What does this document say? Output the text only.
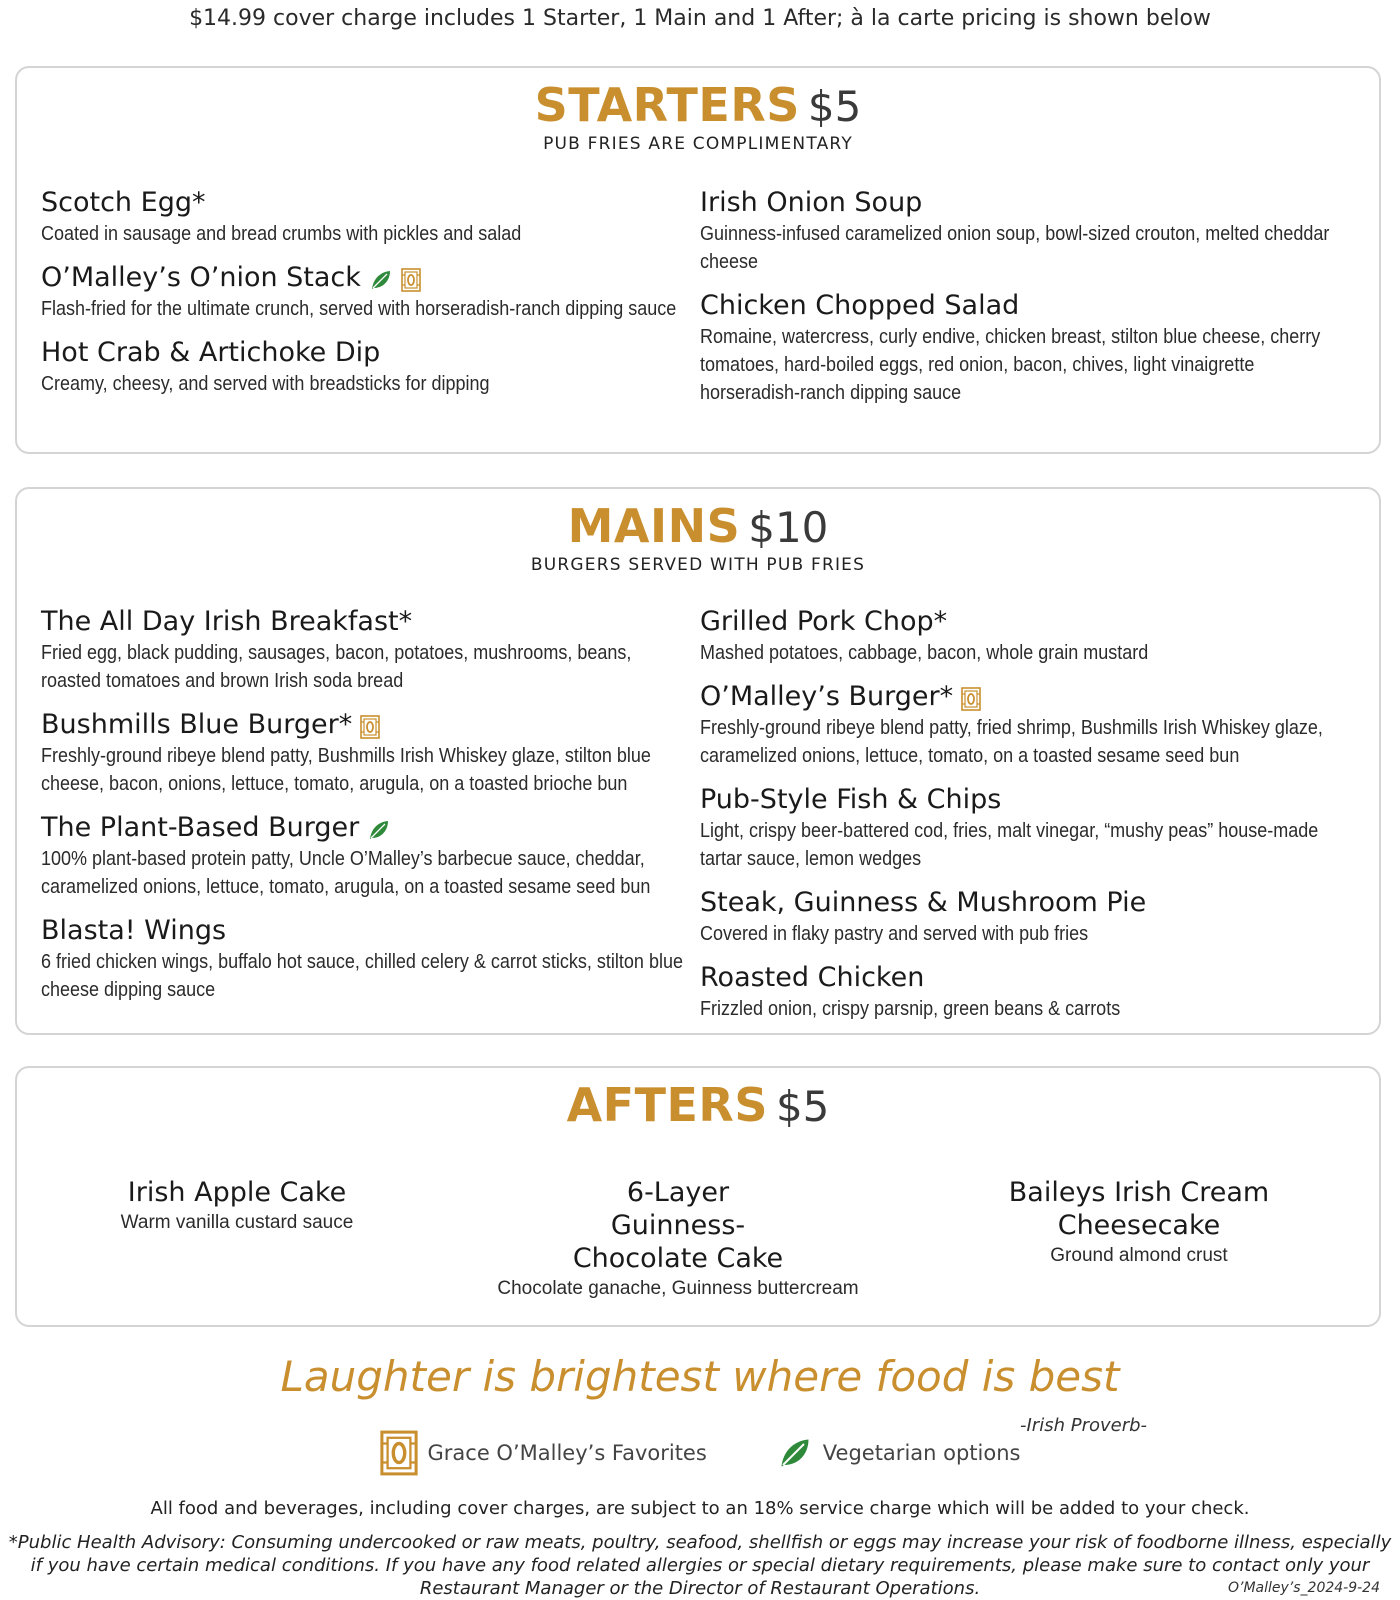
$14.99 cover charge includes 1 Starter, 1 Main and 1 After; à la carte pricing is shown below
STARTERS $5
PUB FRIES ARE COMPLIMENTARY
Scotch Egg*
Coated in sausage and bread crumbs with pickles and salad
O’Malley’s O’nion Stack
Flash-fried for the ultimate crunch, served with horseradish-ranch dipping sauce
Hot Crab & Artichoke Dip
Creamy, cheesy, and served with breadsticks for dipping
Irish Onion Soup
Guinness-infused caramelized onion soup, bowl-sized crouton, melted cheddar cheese
Chicken Chopped Salad
Romaine, watercress, curly endive, chicken breast, stilton blue cheese, cherry tomatoes, hard-boiled eggs, red onion, bacon, chives, light vinaigrette horseradish-ranch dipping sauce
MAINS $10
BURGERS SERVED WITH PUB FRIES
The All Day Irish Breakfast*
Fried egg, black pudding, sausages, bacon, potatoes, mushrooms, beans, roasted tomatoes and brown Irish soda bread
Bushmills Blue Burger*
Freshly-ground ribeye blend patty, Bushmills Irish Whiskey glaze, stilton blue cheese, bacon, onions, lettuce, tomato, arugula, on a toasted brioche bun
The Plant-Based Burger
100% plant-based protein patty, Uncle O’Malley’s barbecue sauce, cheddar, caramelized onions, lettuce, tomato, arugula, on a toasted sesame seed bun
Blasta! Wings
6 fried chicken wings, buffalo hot sauce, chilled celery & carrot sticks, stilton blue cheese dipping sauce
Grilled Pork Chop*
Mashed potatoes, cabbage, bacon, whole grain mustard
O’Malley’s Burger*
Freshly-ground ribeye blend patty, fried shrimp, Bushmills Irish Whiskey glaze, caramelized onions, lettuce, tomato, on a toasted sesame seed bun
Pub-Style Fish & Chips
Light, crispy beer-battered cod, fries, malt vinegar, “mushy peas” house-made tartar sauce, lemon wedges
Steak, Guinness & Mushroom Pie
Covered in flaky pastry and served with pub fries
Roasted Chicken
Frizzled onion, crispy parsnip, green beans & carrots
AFTERS $5
Irish Apple Cake
Warm vanilla custard sauce
6-Layer Guinness-Chocolate Cake
Chocolate ganache, Guinness buttercream
Baileys Irish Cream Cheesecake
Ground almond crust
Laughter is brightest where food is best
-Irish Proverb-
Grace O’Malley’s Favorites	Vegetarian options
All food and beverages, including cover charges, are subject to an 18% service charge which will be added to your check.
*Public Health Advisory: Consuming undercooked or raw meats, poultry, seafood, shellfish or eggs may increase your risk of foodborne illness, especially if you have certain medical conditions. If you have any food related allergies or special dietary requirements, please make sure to contact only your Restaurant Manager or the Director of Restaurant Operations.	O’Malley’s_2024-9-24
